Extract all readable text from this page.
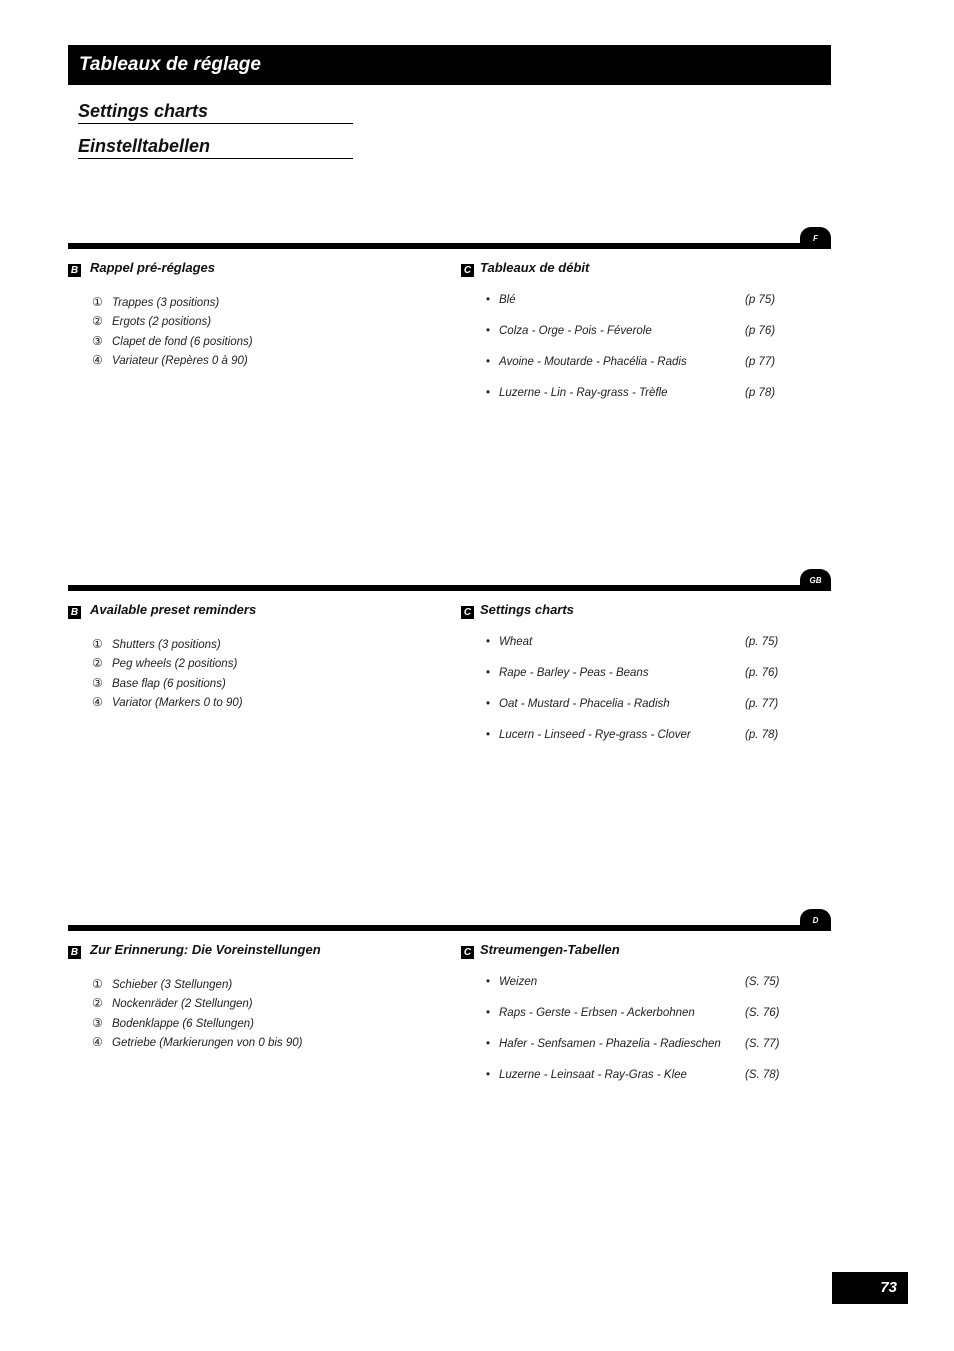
Tableaux de réglage
Settings charts
Einstelltabellen
F
B Rappel pré-réglages
① Trappes (3 positions)
② Ergots (2 positions)
③ Clapet de fond (6 positions)
④ Variateur (Repères 0 à 90)
C Tableaux de débit
• Blé	(p 75)
• Colza - Orge - Pois - Féverole	(p 76)
• Avoine - Moutarde - Phacélia - Radis	(p 77)
• Luzerne - Lin - Ray-grass - Trèfle	(p 78)
GB
B Available preset reminders
① Shutters (3 positions)
② Peg wheels (2 positions)
③ Base flap (6 positions)
④ Variator (Markers 0 to 90)
C Settings charts
• Wheat	(p. 75)
• Rape - Barley - Peas - Beans	(p. 76)
• Oat - Mustard - Phacelia - Radish	(p. 77)
• Lucern - Linseed - Rye-grass - Clover	(p. 78)
D
B Zur Erinnerung: Die Voreinstellungen
① Schieber (3 Stellungen)
② Nockenräder (2 Stellungen)
③ Bodenklappe (6 Stellungen)
④ Getriebe (Markierungen von 0 bis 90)
C Streumengen-Tabellen
• Weizen	(S. 75)
• Raps - Gerste - Erbsen - Ackerbohnen	(S. 76)
• Hafer - Senfsamen - Phazelia - Radieschen (S. 77)
• Luzerne - Leinsaat - Ray-Gras - Klee	(S. 78)
73
